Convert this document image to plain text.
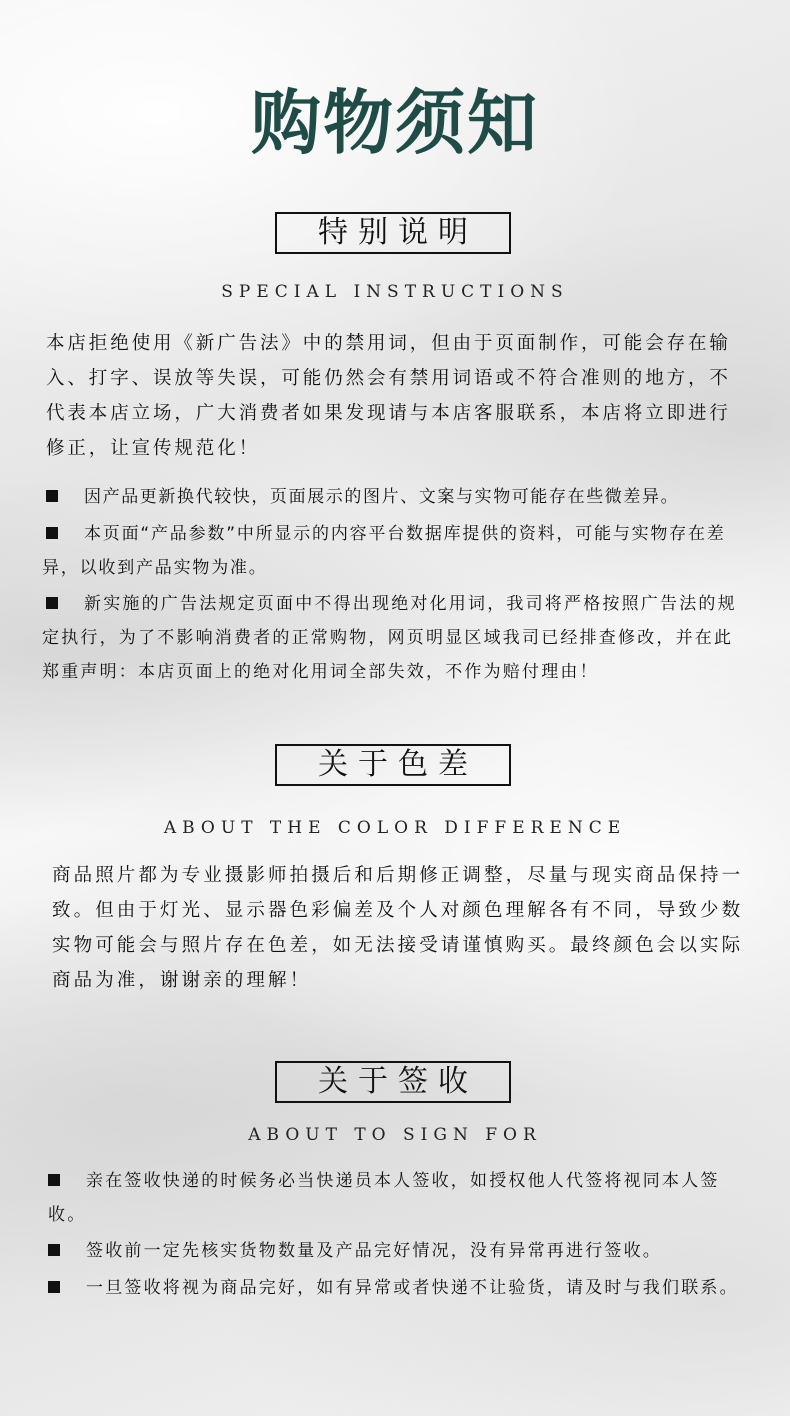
购物须知
特别说明
SPECIAL INSTRUCTIONS

本店拒绝使用《新广告法》中的禁用词，但由于页面制作，可能会存在输入、打字、误放等失误，可能仍然会有禁用词语或不符合准则的地方，不代表本店立场，广大消费者如果发现请与本店客服联系，本店将立即进行修正，让宣传规范化！

因产品更新换代较快，页面展示的图片、文案与实物可能存在些微差异。

本页面“产品参数”中所显示的内容平台数据库提供的资料，可能与实物存在差异，以收到产品实物为准。

新实施的广告法规定页面中不得出现绝对化用词，我司将严格按照广告法的规定执行，为了不影响消费者的正常购物，网页明显区域我司已经排查修改，并在此郑重声明：本店页面上的绝对化用词全部失效，不作为赔付理由！

关于色差
ABOUT THE COLOR DIFFERENCE

商品照片都为专业摄影师拍摄后和后期修正调整，尽量与现实商品保持一致。但由于灯光、显示器色彩偏差及个人对颜色理解各有不同，导致少数实物可能会与照片存在色差，如无法接受请谨慎购买。最终颜色会以实际商品为准，谢谢亲的理解！

关于签收
ABOUT TO SIGN FOR

亲在签收快递的时候务必当快递员本人签收，如授权他人代签将视同本人签收。

签收前一定先核实货物数量及产品完好情况，没有异常再进行签收。

一旦签收将视为商品完好，如有异常或者快递不让验货，请及时与我们联系。
